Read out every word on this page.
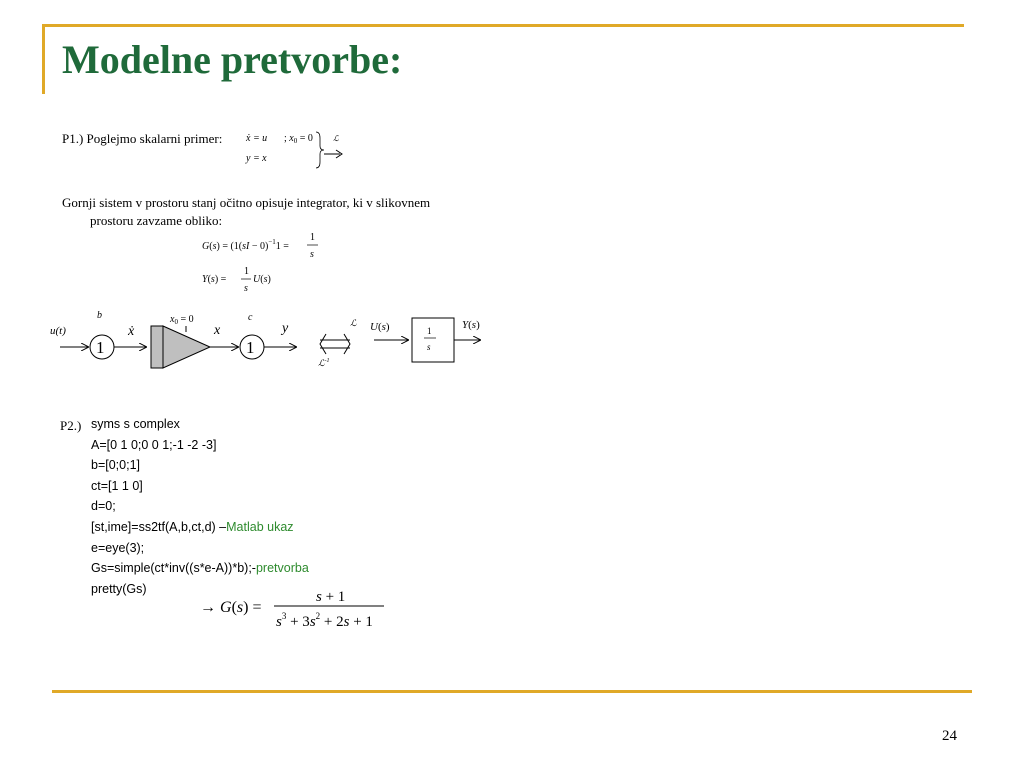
Modelne pretvorbe:
P1.) Poglejmo skalarni primer: ẋ = u ; $x_0 = 0$
y = x
ℒ
Gornji sistem v prostoru stanj očitno opisuje integrator, ki v slikovnem
prostoru zavzame obliko:
G(s) = (1(sI − 0)$^{-1}$1 =
1
s
Y(s) =
1
s
U(s)
u(t)
b
1
ẋ
$x_0 = 0$
x
c
1
y	ℒ
ℒ$^{-1}$
U(s)	1
s
Y(s)
P2.) syms s complex
A=[0 1 0;0 0 1;-1 -2 -3]
b=[0;0;1]
ct=[1 1 0]
d=0;
[st,ime]=ss2tf(A,b,ct,d) –Matlab ukaz
e=eye(3);
Gs=simple(ct*inv((s*e-A))*b);-pretvorba
pretty(Gs)
→ G(s) =
s + 1
$s^3 + 3s^2 + 2s + 1$
24
